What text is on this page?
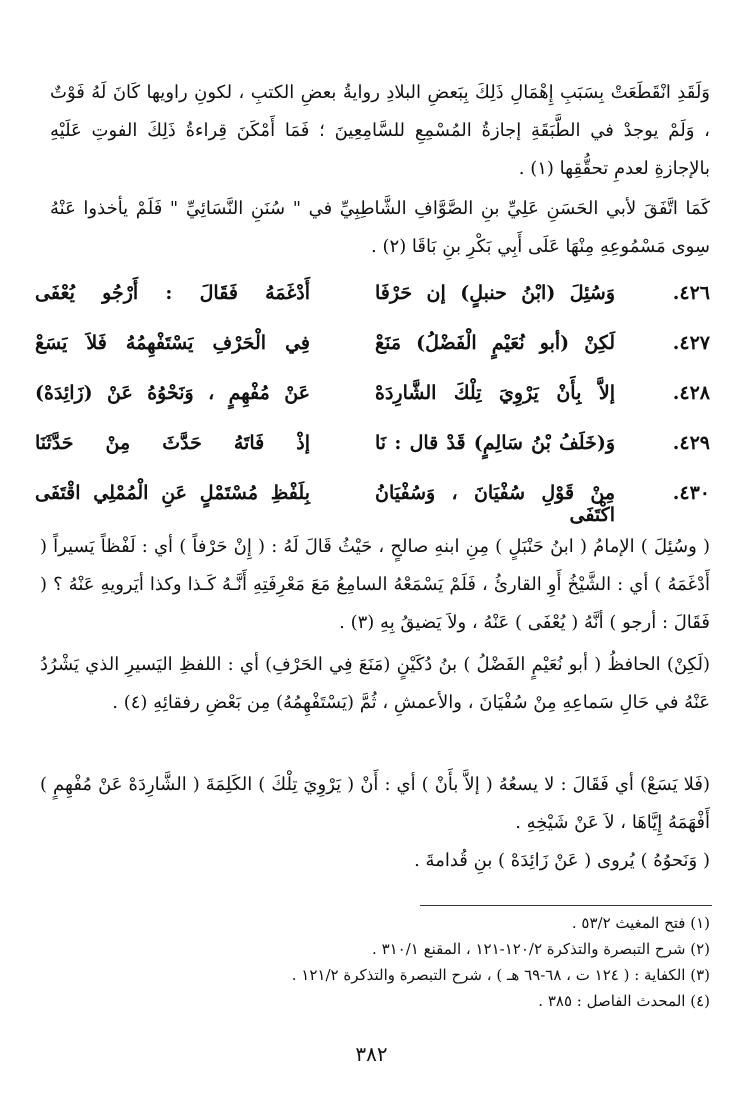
وَلَقَدِ انْقَطَعَتْ بِسَبَبِ إِهْمَالِ ذَلِكَ بِبَعضِ البلادِ روايةُ بعضِ الكتبِ ، لكونِ راويها كَانَ لَهُ فَوْتٌ ، وَلَمْ يوجدْ في الطَّبَقَةِ إجازةُ المُسْمِعِ للسَّامِعِينَ ؛ فَمَا أَمْكَنَ قِراءةُ ذَلِكَ الفوتِ عَلَيْهِ بالإجازةِ لعدمِ تحقُّقِها (١) .
كَمَا اتَّفَقَ لأبي الحَسَنِ عَلِيِّ بنِ الصَّوَّافِ الشَّاطِبِيِّ في " سُنَنِ النَّسَائِيِّ " فَلَمْ يأخذوا عَنْهُ سِوى مَسْمُوعِهِ مِنْهَا عَلَى أَبِي بَكْرِ بنِ بَاقَا (٢) .
٤٢٦.
وَسُئِلَ (ابْنُ حنبلٍ) إن حَرْفَا
أَدْغَمَهُ فَقَالَ : أَرْجُو يُعْفَى
٤٢٧.
لَكِنْ (أبو نُعَيْمٍ الْفَضْلُ) مَنَعْ
فِي الْحَرْفِ يَسْتَفْهِمُهُ فَلاَ يَسَعْ
٤٢٨.
إلاَّ بِأَنْ يَرْوِيَ تِلْكَ الشَّارِدَهْ
عَنْ مُفْهِمٍ ، وَنَحْوُهُ عَنْ (زَائِدَهْ)
٤٢٩.
وَ(خَلَفُ بْنُ سَالِمٍ) قَدْ قال : نَا
إذْ فَاتَهُ حَدَّثَ مِنْ حَدَّثَنَا
٤٣٠.
مِنْ قَوْلِ سُفْيَانَ ، وَسُفْيَانُ اكْتَفَى
بِلَفْظِ مُسْتَمْلٍ عَنِ الْمُمْلِي اقْتَفَى
( وسُئِلَ ) الإمامُ ( ابنُ حَنْبَلٍ ) مِنِ ابنهِ صالحٍ ، حَيْثُ قَالَ لَهُ : ( إِنْ حَرْفاً ) أي : لَفْظاً يَسيراً ( أَدْغَمَهُ ) أي : الشَّيْخُ أَوِ القارئُ ، فَلَمْ يَسْمَعْهُ السامِعُ مَعَ مَعْرِفَتِهِ أَنَّـهُ كَـذا وكذا أيَرويهِ عَنْهُ ؟ ( فَقَالَ : أرجو ) أنَّهُ ( يُعْفَى ) عَنْهُ ، ولاَ يَضيقُ بِهِ (٣) .
(لَكِنْ) الحافظُ ( أبو نُعَيْمٍ الفَضْلُ ) بنُ دُكَيْنٍ (مَنَعَ فِي الحَرْفِ) أي : اللفظِ اليَسيرِ الذي يَشْرُدُ عَنْهُ في حَالِ سَماعِهِ مِنْ سُفْيَانَ ، والأعمشِ ، ثُمَّ (يَسْتَفْهِمُهُ) مِن بَعْضِ رفقائِهِ (٤) .
(فَلا يَسَعْ) أي فَقَالَ : لا يسعُهُ ( إلاَّ بأَنْ ) أي : أَنْ ( يَرْوِيَ تِلْكَ ) الكَلِمَةَ ( الشَّارِدَهْ عَنْ مُفْهِمٍ ) أَفْهَمَهُ إِيَّاهَا ، لاَ عَنْ شَيْخِهِ .
( وَنَحوُهُ ) يُروى ( عَنْ زَائِدَهْ ) بنِ قُدامةَ .
(١) فتح المغيث ٥٣/٢ .
(٢) شرح التبصرة والتذكرة ١٢٠/٢-١٢١ ، المقنع ٣١٠/١ .
(٣) الكفاية : ( ١٢٤ ت ، ٦٨-٦٩ هـ ) ، شرح التبصرة والتذكرة ١٢١/٢ .
(٤) المحدث الفاصل : ٣٨٥ .
٣٨٢
